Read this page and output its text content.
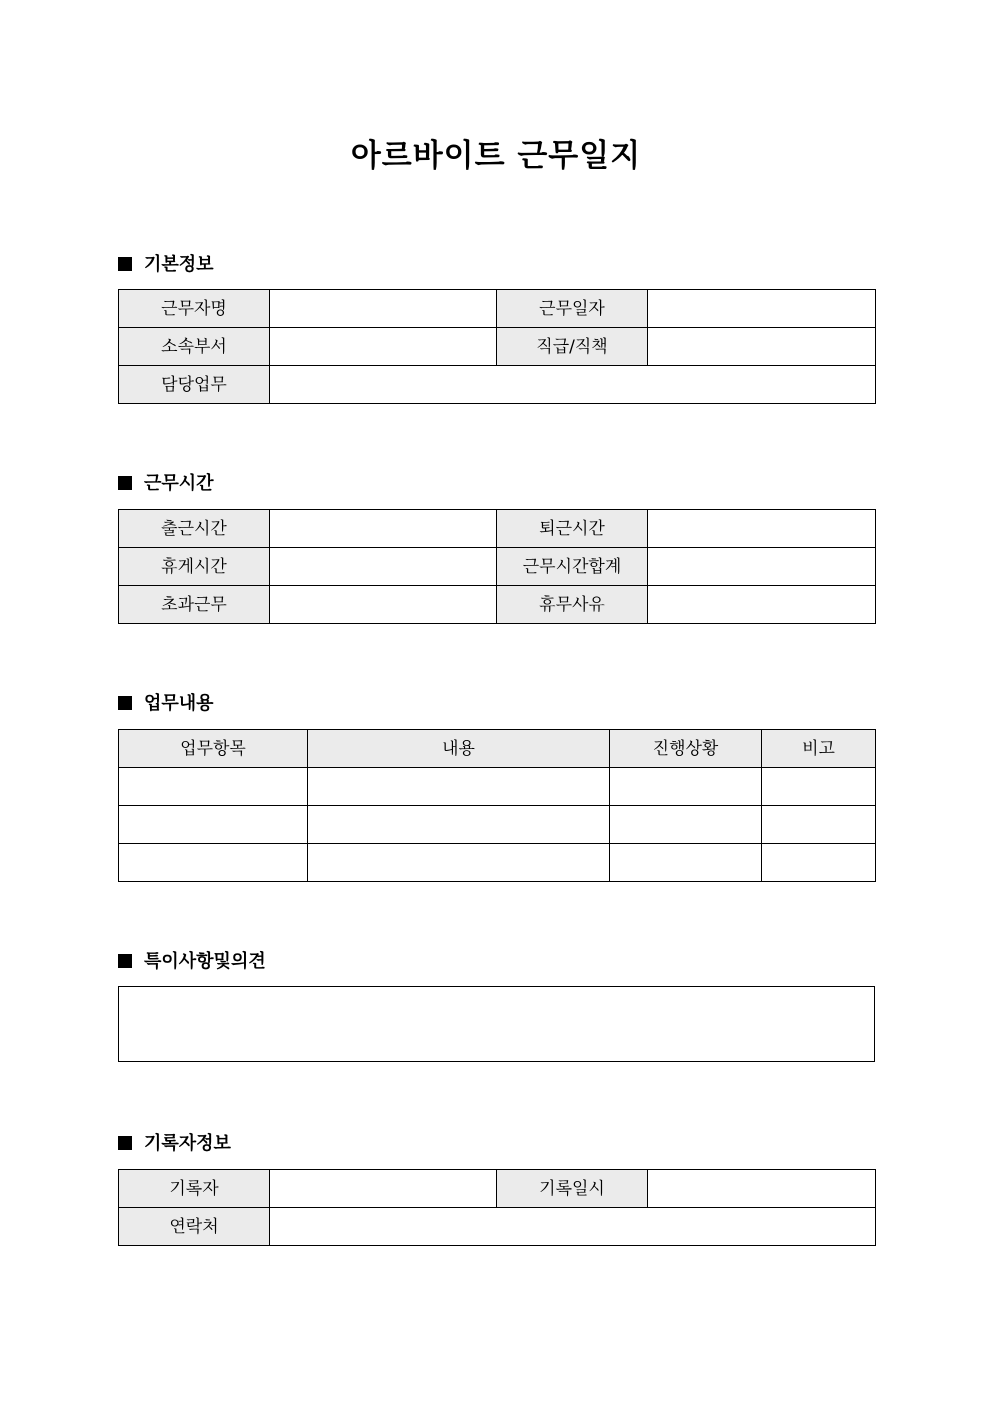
아르바이트 근무일지
기본정보
근무자명		근무일자	
소속부서		직급/직책	
담당업무			
근무시간
출근시간		퇴근시간	
휴게시간		근무시간합계	
초과근무		휴무사유	
업무내용
업무항목	내용	진행상황	비고

특이사항및의견
기록자정보
기록자		기록일시	
연락처			
